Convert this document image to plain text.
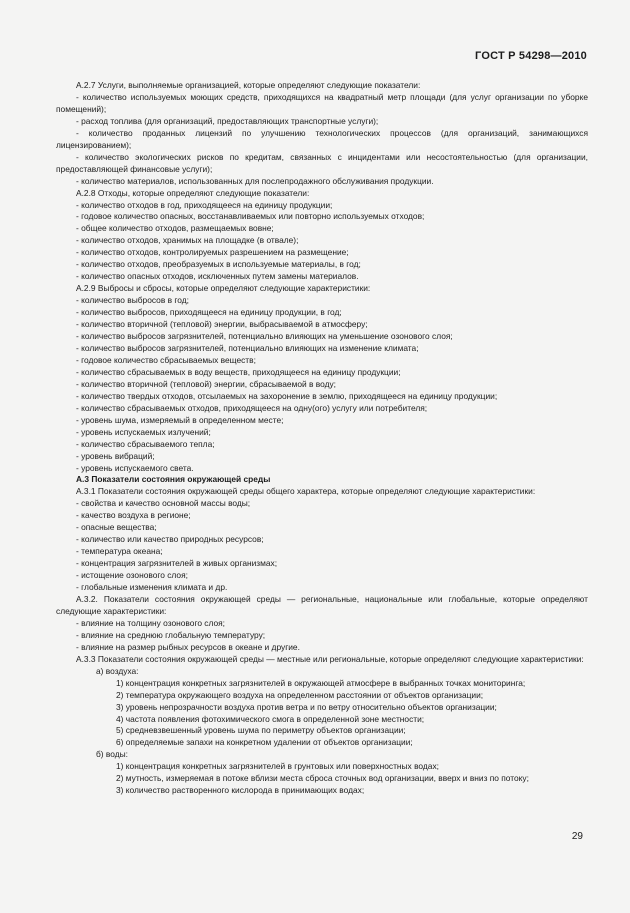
ГОСТ Р 54298—2010

А.2.7 Услуги, выполняемые организацией, которые определяют следующие показатели:

- количество используемых моющих средств, приходящихся на квадратный метр площади (для услуг организации по уборке помещений);

- расход топлива (для организаций, предоставляющих транспортные услуги);

- количество проданных лицензий по улучшению технологических процессов (для организаций, занимающихся лицензированием);

- количество экологических рисков по кредитам, связанных с инцидентами или несостоятельностью (для организации, предоставляющей финансовые услуги);

- количество материалов, использованных для послепродажного обслуживания продукции.

А.2.8 Отходы, которые определяют следующие показатели:

- количество отходов в год, приходящееся на единицу продукции;

- годовое количество опасных, восстанавливаемых или повторно используемых отходов;

- общее количество отходов, размещаемых вовне;

- количество отходов, хранимых на площадке (в отвале);

- количество отходов, контролируемых разрешением на размещение;

- количество отходов, преобразуемых в используемые материалы, в год;

- количество опасных отходов, исключенных путем замены материалов.

А.2.9 Выбросы и сбросы, которые определяют следующие характеристики:

- количество выбросов в год;

- количество выбросов, приходящееся на единицу продукции, в год;

- количество вторичной (тепловой) энергии, выбрасываемой в атмосферу;

- количество выбросов загрязнителей, потенциально влияющих на уменьшение озонового слоя;

- количество выбросов загрязнителей, потенциально влияющих на изменение климата;

- годовое количество сбрасываемых веществ;

- количество сбрасываемых в воду веществ, приходящееся на единицу продукции;

- количество вторичной (тепловой) энергии, сбрасываемой в воду;

- количество твердых отходов, отсылаемых на захоронение в землю, приходящееся на единицу продукции;

- количество сбрасываемых отходов, приходящееся на одну(ого) услугу или потребителя;

- уровень шума, измеряемый в определенном месте;

- уровень испускаемых излучений;

- количество сбрасываемого тепла;

- уровень вибраций;

- уровень испускаемого света.

А.3 Показатели состояния окружающей среды

А.3.1 Показатели состояния окружающей среды общего характера, которые определяют следующие характеристики:

- свойства и качество основной массы воды;

- качество воздуха в регионе;

- опасные вещества;

- количество или качество природных ресурсов;

- температура океана;

- концентрация загрязнителей в живых организмах;

- истощение озонового слоя;

- глобальные изменения климата и др.

А.3.2. Показатели состояния окружающей среды — региональные, национальные или глобальные, которые определяют следующие характеристики:

- влияние на толщину озонового слоя;

- влияние на среднюю глобальную температуру;

- влияние на размер рыбных ресурсов в океане и другие.

А.3.3 Показатели состояния окружающей среды — местные или региональные, которые определяют следующие характеристики:

а) воздуха:

1) концентрация конкретных загрязнителей в окружающей атмосфере в выбранных точках мониторинга;

2) температура окружающего воздуха на определенном расстоянии от объектов организации;

3) уровень непрозрачности воздуха против ветра и по ветру относительно объектов организации;

4) частота появления фотохимического смога в определенной зоне местности;

5) средневзвешенный уровень шума по периметру объектов организации;

6) определяемые запахи на конкретном удалении от объектов организации;

б) воды:

1) концентрация конкретных загрязнителей в грунтовых или поверхностных водах;

2) мутность, измеряемая в потоке вблизи места сброса сточных вод организации, вверх и вниз по потоку;

3) количество растворенного кислорода в принимающих водах;

29
